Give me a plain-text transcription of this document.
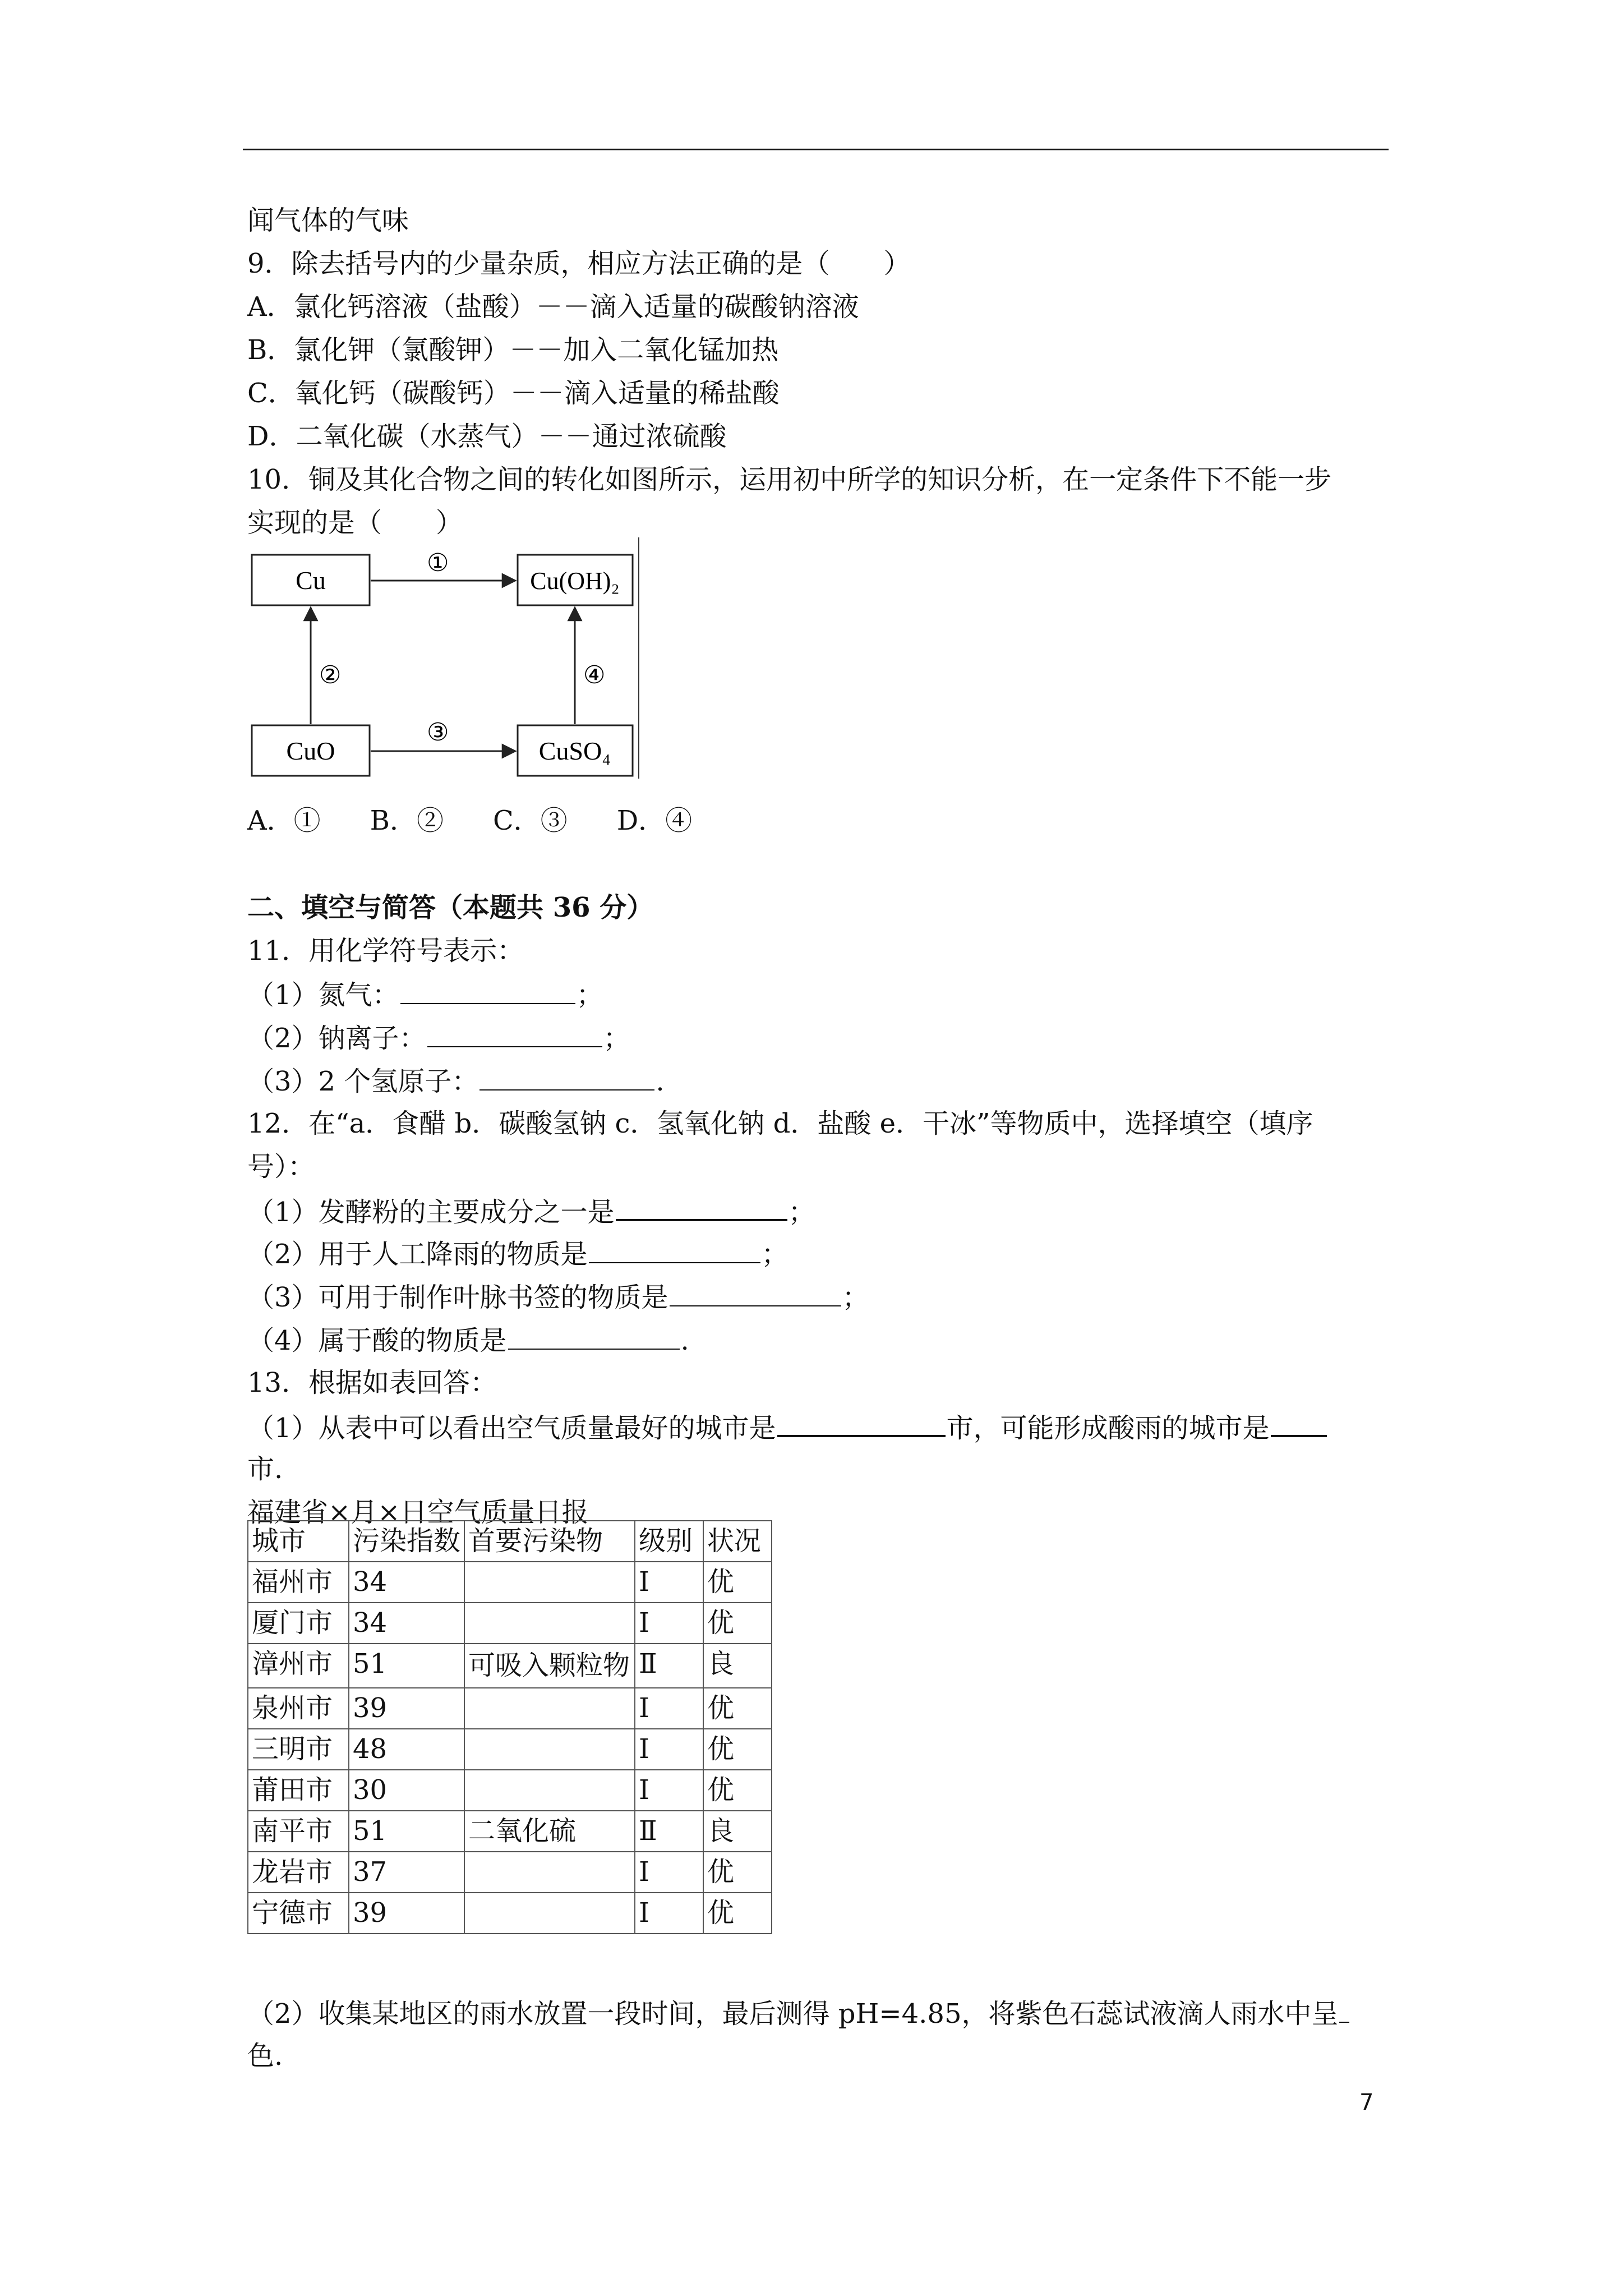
闻气体的气味
9．除去括号内的少量杂质，相应方法正确的是（　　）
A．氯化钙溶液（盐酸）－－滴入适量的碳酸钠溶液
B．氯化钾（氯酸钾）－－加入二氧化锰加热
C．氧化钙（碳酸钙）－－滴入适量的稀盐酸
D．二氧化碳（水蒸气）－－通过浓硫酸
10．铜及其化合物之间的转化如图所示，运用初中所学的知识分析，在一定条件下不能一步
实现的是（　　）
Cu	Cu(OH)₂
CuO	CuSO₄
①
②
③
④
A．① B．② C．③ D．④
二、填空与简答（本题共 36 分）
11．用化学符号表示：
（1）氮气：	；
（2）钠离子：	；
（3）2 个氢原子：	.
12．在“a．食醋 b．碳酸氢钠 c．氢氧化钠 d．盐酸 e．干冰”等物质中，选择填空（填序
号）：
（1）发酵粉的主要成分之一是	；
（2）用于人工降雨的物质是	；
（3）可用于制作叶脉书签的物质是	；
（4）属于酸的物质是	.
13．根据如表回答：
（1）从表中可以看出空气质量最好的城市是	市，可能形成酸雨的城市是
市.
福建省×月×日空气质量日报
城市	污染指数	首要污染物	级别	状况
福州市	34		Ⅰ	优
厦门市	34		Ⅰ	优
漳州市	51	可吸入颗粒物	Ⅱ	良
泉州市	39		Ⅰ	优
三明市	48		Ⅰ	优
莆田市	30		Ⅰ	优
南平市	51	二氧化硫	Ⅱ	良
龙岩市	37		Ⅰ	优
宁德市	39		Ⅰ	优
（2）收集某地区的雨水放置一段时间，最后测得 pH=4.85，将紫色石蕊试液滴人雨水中呈
色.
7
